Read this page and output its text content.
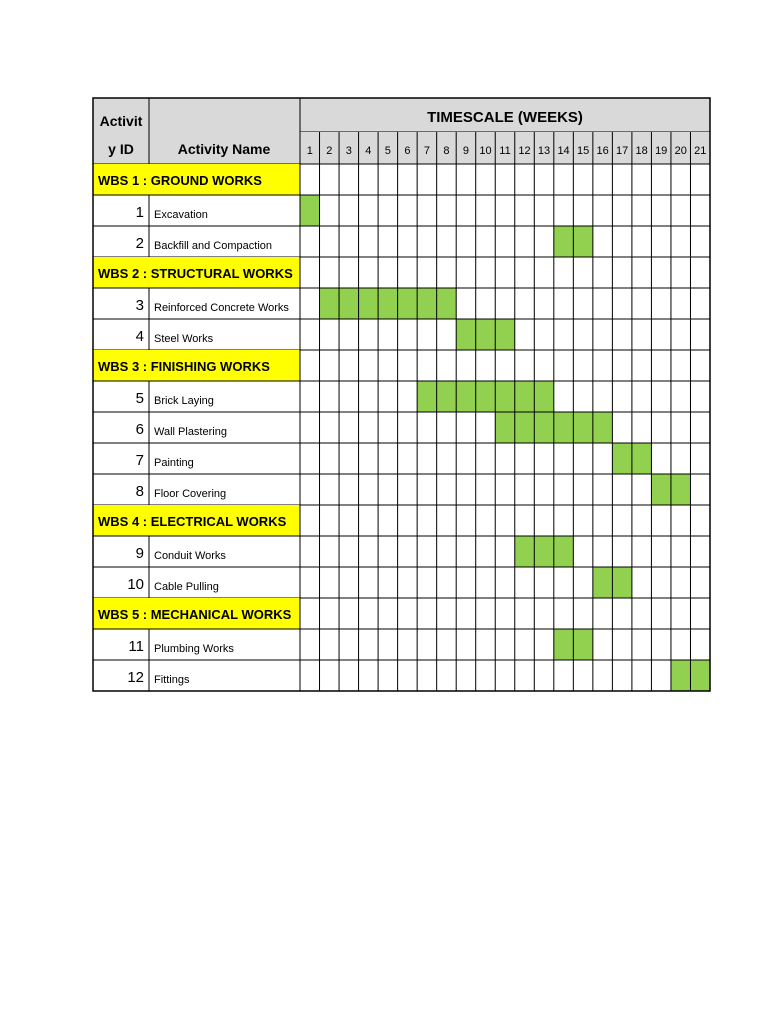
Activit
y ID	Activity Name
TIMESCALE (WEEKS)
1 2 3 4 5 6 7 8 9 10 11 12 13 14 15 16 17 18 19 20 21
WBS 1 : GROUND WORKS
1 Excavation
2 Backfill and Compaction
WBS 2 : STRUCTURAL WORKS
3 Reinforced Concrete Works
4 Steel Works
WBS 3 : FINISHING WORKS
5 Brick Laying
6 Wall Plastering
7 Painting
8 Floor Covering
WBS 4 : ELECTRICAL WORKS
9 Conduit Works
10 Cable Pulling
WBS 5 : MECHANICAL WORKS
11 Plumbing Works
12 Fittings
